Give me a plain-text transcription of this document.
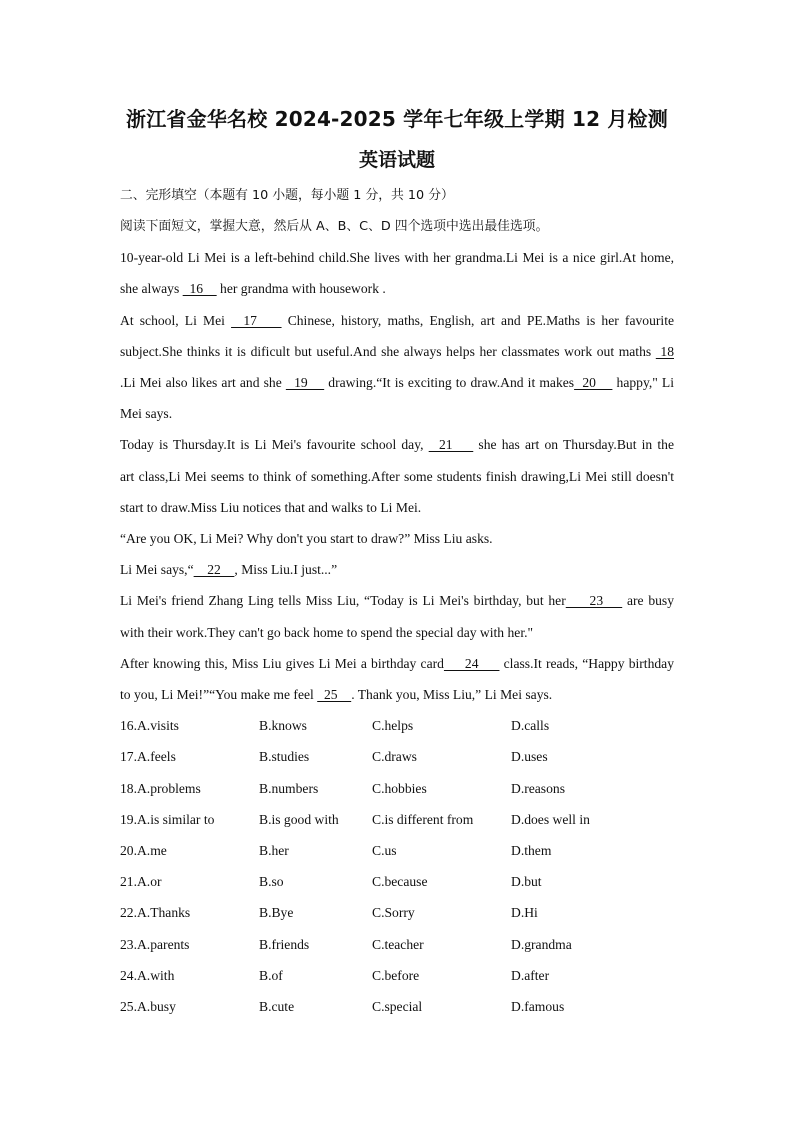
浙江省金华名校 2024-2025 学年七年级上学期 12 月检测
英语试题
二、完形填空（本题有 10 小题，每小题 1 分，共 10 分）
阅读下面短文，掌握大意，然后从 A、B、C、D 四个选项中选出最佳选项。
10-year-old Li Mei is a left-behind child.She lives with her grandma.Li Mei is a nice girl.At home,
she always   16     her grandma with housework .
At school, Li Mei   17     Chinese, history, maths, English, art and PE.Maths is her favourite
subject.She thinks it is dificult but useful.And she always helps her classmates work out maths  18
.Li Mei also likes art and she   19     drawing.“It is exciting to draw.And it makes  20     happy," Li
Mei says.
Today is Thursday.It is Li Mei's favourite school day,   21     she has art on Thursday.But in the
art class,Li Mei seems to think of something.After some students finish drawing,Li Mei still doesn't
start to draw.Miss Liu notices that and walks to Li Mei.
“Are you OK, Li Mei? Why don't you start to draw?” Miss Liu asks.
Li Mei says,“    22    , Miss Liu.I just...”
Li Mei's friend Zhang Ling tells Miss Liu, “Today is Li Mei's birthday, but her     23     are busy
with their work.They can't go back home to spend the special day with her."
After knowing this, Miss Liu gives Li Mei a birthday card     24      class.It reads, “Happy birthday
to you, Li Mei!”“You make me feel   25    . Thank you, Miss Liu,” Li Mei says.
16.A.visits	B.knows	C.helps	D.calls
17.A.feels	B.studies	C.draws	D.uses
18.A.problems	B.numbers	C.hobbies	D.reasons
19.A.is similar to	B.is good with C.is different from	D.does well in
20.A.me	B.her	C.us	D.them
21.A.or	B.so	C.because	D.but
22.A.Thanks	B.Bye	C.Sorry	D.Hi
23.A.parents	B.friends	C.teacher	D.grandma
24.A.with	B.of	C.before	D.after
25.A.busy	B.cute	C.special	D.famous
